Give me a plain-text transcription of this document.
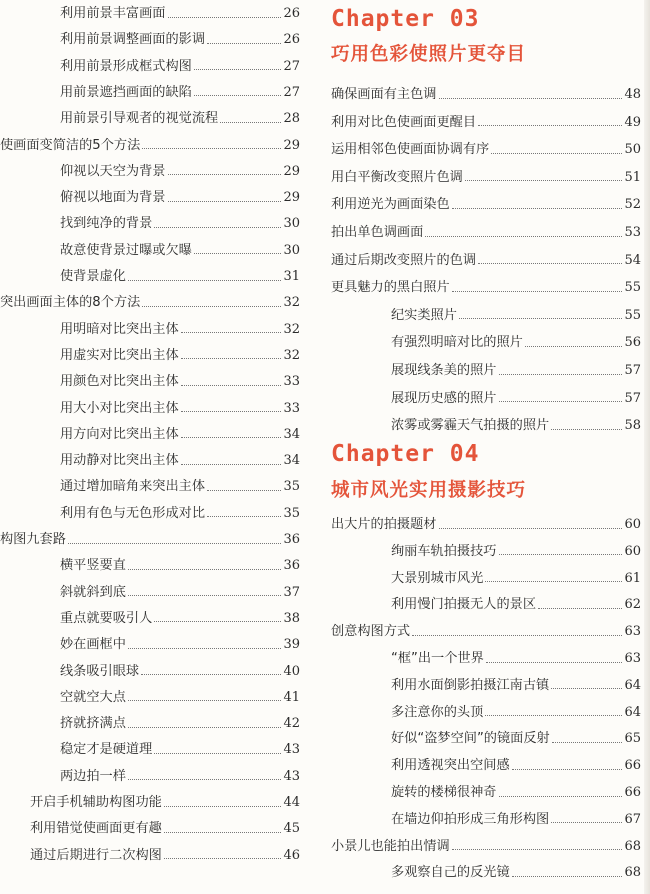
利用前景丰富画面	26
利用前景调整画面的影调	26
利用前景形成框式构图	27
用前景遮挡画面的缺陷	27
用前景引导观者的视觉流程	28
使画面变简洁的5个方法	29
仰视以天空为背景	29
俯视以地面为背景	29
找到纯净的背景	30
故意使背景过曝或欠曝	30
使背景虚化	31
突出画面主体的8个方法	32
用明暗对比突出主体	32
用虚实对比突出主体	32
用颜色对比突出主体	33
用大小对比突出主体	33
用方向对比突出主体	34
用动静对比突出主体	34
通过增加暗角来突出主体	35
利用有色与无色形成对比	35
构图九套路	36
横平竖要直	36
斜就斜到底	37
重点就要吸引人	38
妙在画框中	39
线条吸引眼球	40
空就空大点	41
挤就挤满点	42
稳定才是硬道理	43
两边拍一样	43
开启手机辅助构图功能	44
利用错觉使画面更有趣	45
通过后期进行二次构图	46
Chapter 03
巧用色彩使照片更夺目
Chapter 04
城市风光实用摄影技巧
确保画面有主色调	48
利用对比色使画面更醒目	49
运用相邻色使画面协调有序	50
用白平衡改变照片色调	51
利用逆光为画面染色	52
拍出单色调画面	53
通过后期改变照片的色调	54
更具魅力的黑白照片	55
纪实类照片	55
有强烈明暗对比的照片	56
展现线条美的照片	57
展现历史感的照片	57
浓雾或雾霾天气拍摄的照片	58
出大片的拍摄题材	60
绚丽车轨拍摄技巧	60
大景别城市风光	61
利用慢门拍摄无人的景区	62
创意构图方式	63
“框”出一个世界	63
利用水面倒影拍摄江南古镇	64
多注意你的头顶	64
好似“盗梦空间”的镜面反射	65
利用透视突出空间感	66
旋转的楼梯很神奇	66
在墙边仰拍形成三角形构图	67
小景儿也能拍出情调	68
多观察自己的反光镜	68
